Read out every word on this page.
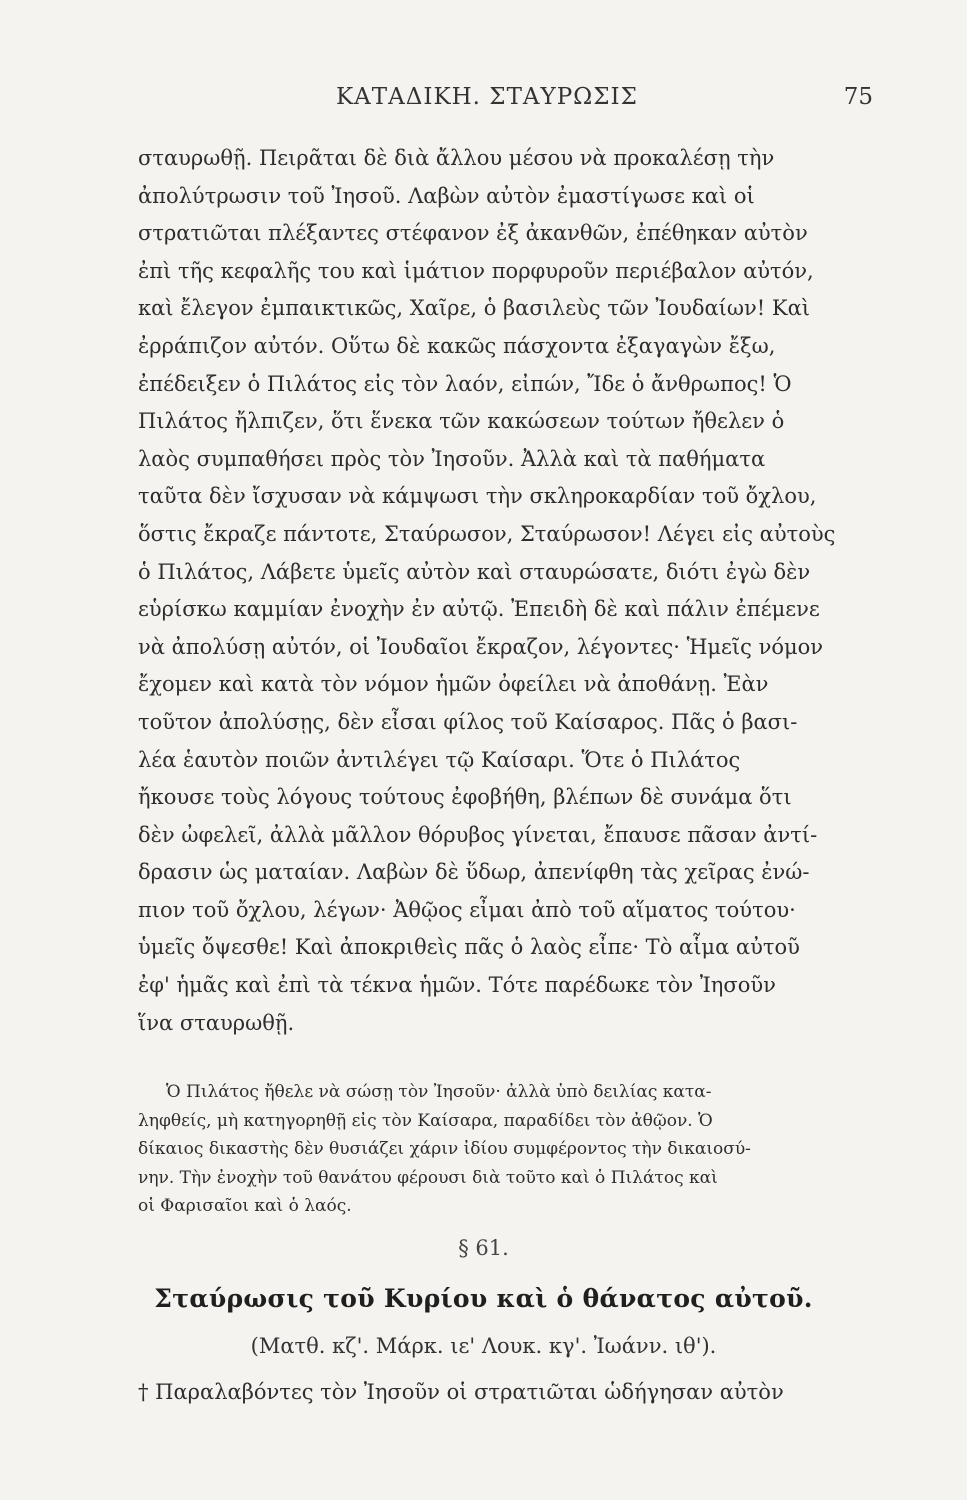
ΚΑΤΑΔΙΚΗ. ΣΤΑΥΡΩΣΙΣ	75
σταυρωθῇ. Πειρᾶται δὲ διὰ ἄλλου μέσου νὰ προκαλέσῃ τὴν
ἀπολύτρωσιν τοῦ Ἰησοῦ. Λαβὼν αὐτὸν ἐμαστίγωσε καὶ οἱ
στρατιῶται πλέξαντες στέφανον ἐξ ἀκανθῶν, ἐπέθηκαν αὐτὸν
ἐπὶ τῆς κεφαλῆς του καὶ ἱμάτιον πορφυροῦν περιέβαλον αὐτόν,
καὶ ἔλεγον ἐμπαικτικῶς, Χαῖρε, ὁ βασιλεὺς τῶν Ἰουδαίων! Καὶ
ἐρράπιζον αὐτόν. Οὕτω δὲ κακῶς πάσχοντα ἐξαγαγὼν ἔξω,
ἐπέδειξεν ὁ Πιλάτος εἰς τὸν λαόν, εἰπών, Ἴδε ὁ ἄνθρωπος! Ὁ
Πιλάτος ἤλπιζεν, ὅτι ἕνεκα τῶν κακώσεων τούτων ἤθελεν ὁ
λαὸς συμπαθήσει πρὸς τὸν Ἰησοῦν. Ἀλλὰ καὶ τὰ παθήματα
ταῦτα δὲν ἴσχυσαν νὰ κάμψωσι τὴν σκληροκαρδίαν τοῦ ὄχλου,
ὅστις ἔκραζε πάντοτε, Σταύρωσον, Σταύρωσον! Λέγει εἰς αὐτοὺς
ὁ Πιλάτος, Λάβετε ὑμεῖς αὐτὸν καὶ σταυρώσατε, διότι ἐγὼ δὲν
εὑρίσκω καμμίαν ἐνοχὴν ἐν αὐτῷ. Ἐπειδὴ δὲ καὶ πάλιν ἐπέμενε
νὰ ἀπολύσῃ αὐτόν, οἱ Ἰουδαῖοι ἔκραζον, λέγοντες· Ἡμεῖς νόμον
ἔχομεν καὶ κατὰ τὸν νόμον ἡμῶν ὀφείλει νὰ ἀποθάνῃ. Ἐὰν
τοῦτον ἀπολύσῃς, δὲν εἶσαι φίλος τοῦ Καίσαρος. Πᾶς ὁ βασι-
λέα ἑαυτὸν ποιῶν ἀντιλέγει τῷ Καίσαρι. Ὅτε ὁ Πιλάτος
ἤκουσε τοὺς λόγους τούτους ἐφοβήθη, βλέπων δὲ συνάμα ὅτι
δὲν ὠφελεῖ, ἀλλὰ μᾶλλον θόρυβος γίνεται, ἔπαυσε πᾶσαν ἀντί-
δρασιν ὡς ματαίαν. Λαβὼν δὲ ὕδωρ, ἀπενίφθη τὰς χεῖρας ἐνώ-
πιον τοῦ ὄχλου, λέγων· Ἀθῷος εἶμαι ἀπὸ τοῦ αἵματος τούτου·
ὑμεῖς ὄψεσθε! Καὶ ἀποκριθεὶς πᾶς ὁ λαὸς εἶπε· Τὸ αἷμα αὐτοῦ
ἐφ' ἡμᾶς καὶ ἐπὶ τὰ τέκνα ἡμῶν. Τότε παρέδωκε τὸν Ἰησοῦν
ἵνα σταυρωθῇ.
Ὁ Πιλάτος ἤθελε νὰ σώσῃ τὸν Ἰησοῦν· ἀλλὰ ὑπὸ δειλίας κατα-
ληφθείς, μὴ κατηγορηθῇ εἰς τὸν Καίσαρα, παραδίδει τὸν ἀθῷον. Ὁ
δίκαιος δικαστὴς δὲν θυσιάζει χάριν ἰδίου συμφέροντος τὴν δικαιοσύ-
νην. Τὴν ἐνοχὴν τοῦ θανάτου φέρουσι διὰ τοῦτο καὶ ὁ Πιλάτος καὶ
οἱ Φαρισαῖοι καὶ ὁ λαός.
§ 61.
Σταύρωσις τοῦ Κυρίου καὶ ὁ θάνατος αὐτοῦ.
(Ματθ. κζ'. Μάρκ. ιε' Λουκ. κγ'. Ἰωάνν. ιθ').
† Παραλαβόντες τὸν Ἰησοῦν οἱ στρατιῶται ὡδήγησαν αὐτὸν
